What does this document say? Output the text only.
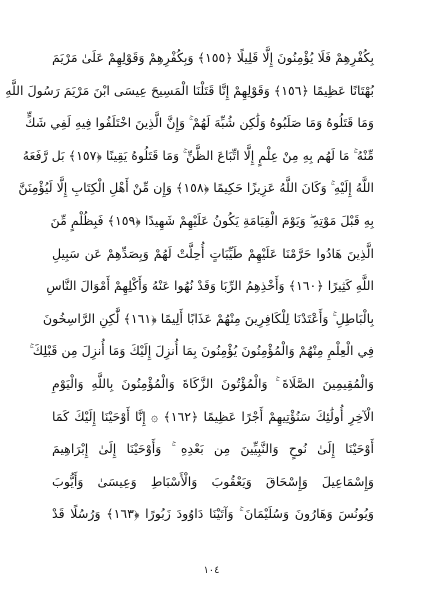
بِكُفْرِهِمْ فَلَا يُؤْمِنُونَ إِلَّا قَلِيلًا ﴿١٥٥﴾ وَبِكُفْرِهِمْ وَقَوْلِهِمْ عَلَىٰ مَرْيَمَ
بُهْتَانًا عَظِيمًا ﴿١٥٦﴾ وَقَوْلِهِمْ إِنَّا قَتَلْنَا الْمَسِيحَ عِيسَى ابْنَ مَرْيَمَ رَسُولَ اللَّهِ
وَمَا قَتَلُوهُ وَمَا صَلَبُوهُ وَلَٰكِن شُبِّهَ لَهُمْ ۚ وَإِنَّ الَّذِينَ اخْتَلَفُوا فِيهِ لَفِي شَكٍّ
مِّنْهُ ۚ مَا لَهُم بِهِ مِنْ عِلْمٍ إِلَّا اتِّبَاعَ الظَّنِّ ۚ وَمَا قَتَلُوهُ يَقِينًا ﴿١٥٧﴾ بَل رَّفَعَهُ
اللَّهُ إِلَيْهِ ۚ وَكَانَ اللَّهُ عَزِيزًا حَكِيمًا ﴿١٥٨﴾ وَإِن مِّنْ أَهْلِ الْكِتَابِ إِلَّا لَيُؤْمِنَنَّ
بِهِ قَبْلَ مَوْتِهِ ۖ وَيَوْمَ الْقِيَامَةِ يَكُونُ عَلَيْهِمْ شَهِيدًا ﴿١٥٩﴾ فَبِظُلْمٍ مِّنَ
الَّذِينَ هَادُوا حَرَّمْنَا عَلَيْهِمْ طَيِّبَاتٍ أُحِلَّتْ لَهُمْ وَبِصَدِّهِمْ عَن سَبِيلِ
اللَّهِ كَثِيرًا ﴿١٦٠﴾ وَأَخْذِهِمُ الرِّبَا وَقَدْ نُهُوا عَنْهُ وَأَكْلِهِمْ أَمْوَالَ النَّاسِ
بِالْبَاطِلِ ۚ وَأَعْتَدْنَا لِلْكَافِرِينَ مِنْهُمْ عَذَابًا أَلِيمًا ﴿١٦١﴾ لَّٰكِنِ الرَّاسِخُونَ
فِي الْعِلْمِ مِنْهُمْ وَالْمُؤْمِنُونَ يُؤْمِنُونَ بِمَا أُنزِلَ إِلَيْكَ وَمَا أُنزِلَ مِن قَبْلِكَ ۚ
وَالْمُقِيمِينَ الصَّلَاةَ ۚ وَالْمُؤْتُونَ الزَّكَاةَ وَالْمُؤْمِنُونَ بِاللَّهِ وَالْيَوْمِ
الْآخِرِ أُولَٰئِكَ سَنُؤْتِيهِمْ أَجْرًا عَظِيمًا ﴿١٦٢﴾ ۞ إِنَّا أَوْحَيْنَا إِلَيْكَ كَمَا
أَوْحَيْنَا إِلَىٰ نُوحٍ وَالنَّبِيِّينَ مِن بَعْدِهِ ۚ وَأَوْحَيْنَا إِلَىٰ إِبْرَاهِيمَ
وَإِسْمَاعِيلَ وَإِسْحَاقَ وَيَعْقُوبَ وَالْأَسْبَاطِ وَعِيسَىٰ وَأَيُّوبَ
وَيُونُسَ وَهَارُونَ وَسُلَيْمَانَ ۚ وَآتَيْنَا دَاوُودَ زَبُورًا ﴿١٦٣﴾ وَرُسُلًا قَدْ
١٠٤
